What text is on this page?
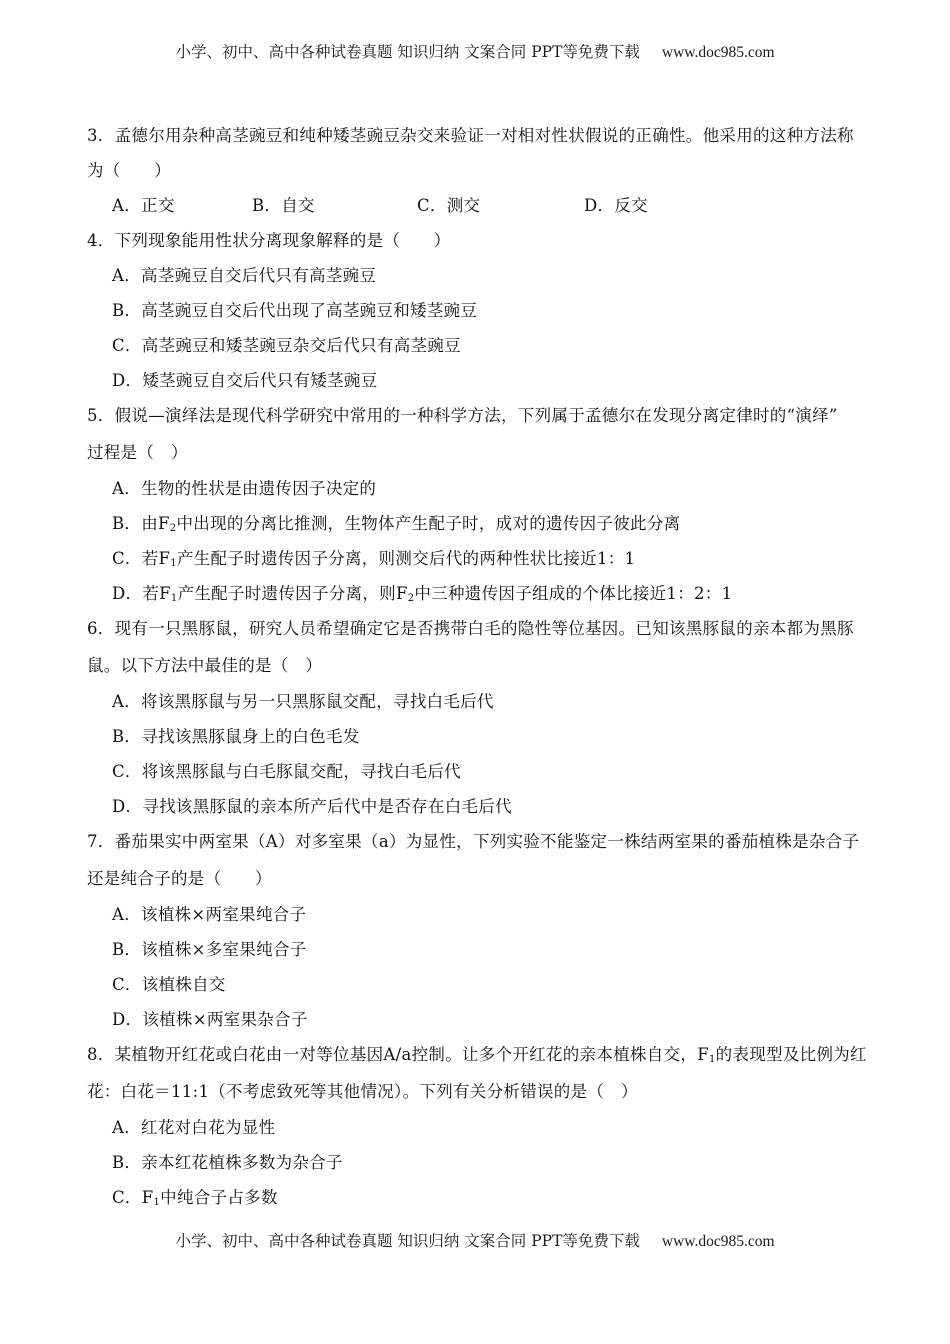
小学、初中、高中各种试卷真题 知识归纳 文案合同 PPT等免费下载 www.doc985.com
3．孟德尔用杂种高茎豌豆和纯种矮茎豌豆杂交来验证一对相对性状假说的正确性。他采用的这种方法称
为（　　）
A．正交	B．自交	C．测交	D．反交
4．下列现象能用性状分离现象解释的是（　　）
A．高茎豌豆自交后代只有高茎豌豆
B．高茎豌豆自交后代出现了高茎豌豆和矮茎豌豆
C．高茎豌豆和矮茎豌豆杂交后代只有高茎豌豆
D．矮茎豌豆自交后代只有矮茎豌豆
5．假说—演绎法是现代科学研究中常用的一种科学方法，下列属于孟德尔在发现分离定律时的“演绎”
过程是（　）
A．生物的性状是由遗传因子决定的
B．由$F_2$中出现的分离比推测，生物体产生配子时，成对的遗传因子彼此分离
C．若$F_1$产生配子时遗传因子分离，则测交后代的两种性状比接近1：1
D．若$F_1$产生配子时遗传因子分离，则$F_2$中三种遗传因子组成的个体比接近1：2：1
6．现有一只黑豚鼠，研究人员希望确定它是否携带白毛的隐性等位基因。已知该黑豚鼠的亲本都为黑豚
鼠。以下方法中最佳的是（　）
A．将该黑豚鼠与另一只黑豚鼠交配，寻找白毛后代
B．寻找该黑豚鼠身上的白色毛发
C．将该黑豚鼠与白毛豚鼠交配，寻找白毛后代
D．寻找该黑豚鼠的亲本所产后代中是否存在白毛后代
7．番茄果实中两室果（A）对多室果（a）为显性，下列实验不能鉴定一株结两室果的番茄植株是杂合子
还是纯合子的是（　　）
A．该植株×两室果纯合子
B．该植株×多室果纯合子
C．该植株自交
D．该植株×两室果杂合子
8．某植物开红花或白花由一对等位基因A/a控制。让多个开红花的亲本植株自交，$F_1$的表现型及比例为红
花：白花＝11:1（不考虑致死等其他情况）。下列有关分析错误的是（　）
A．红花对白花为显性
B．亲本红花植株多数为杂合子
C．$F_1$中纯合子占多数
小学、初中、高中各种试卷真题 知识归纳 文案合同 PPT等免费下载 www.doc985.com
